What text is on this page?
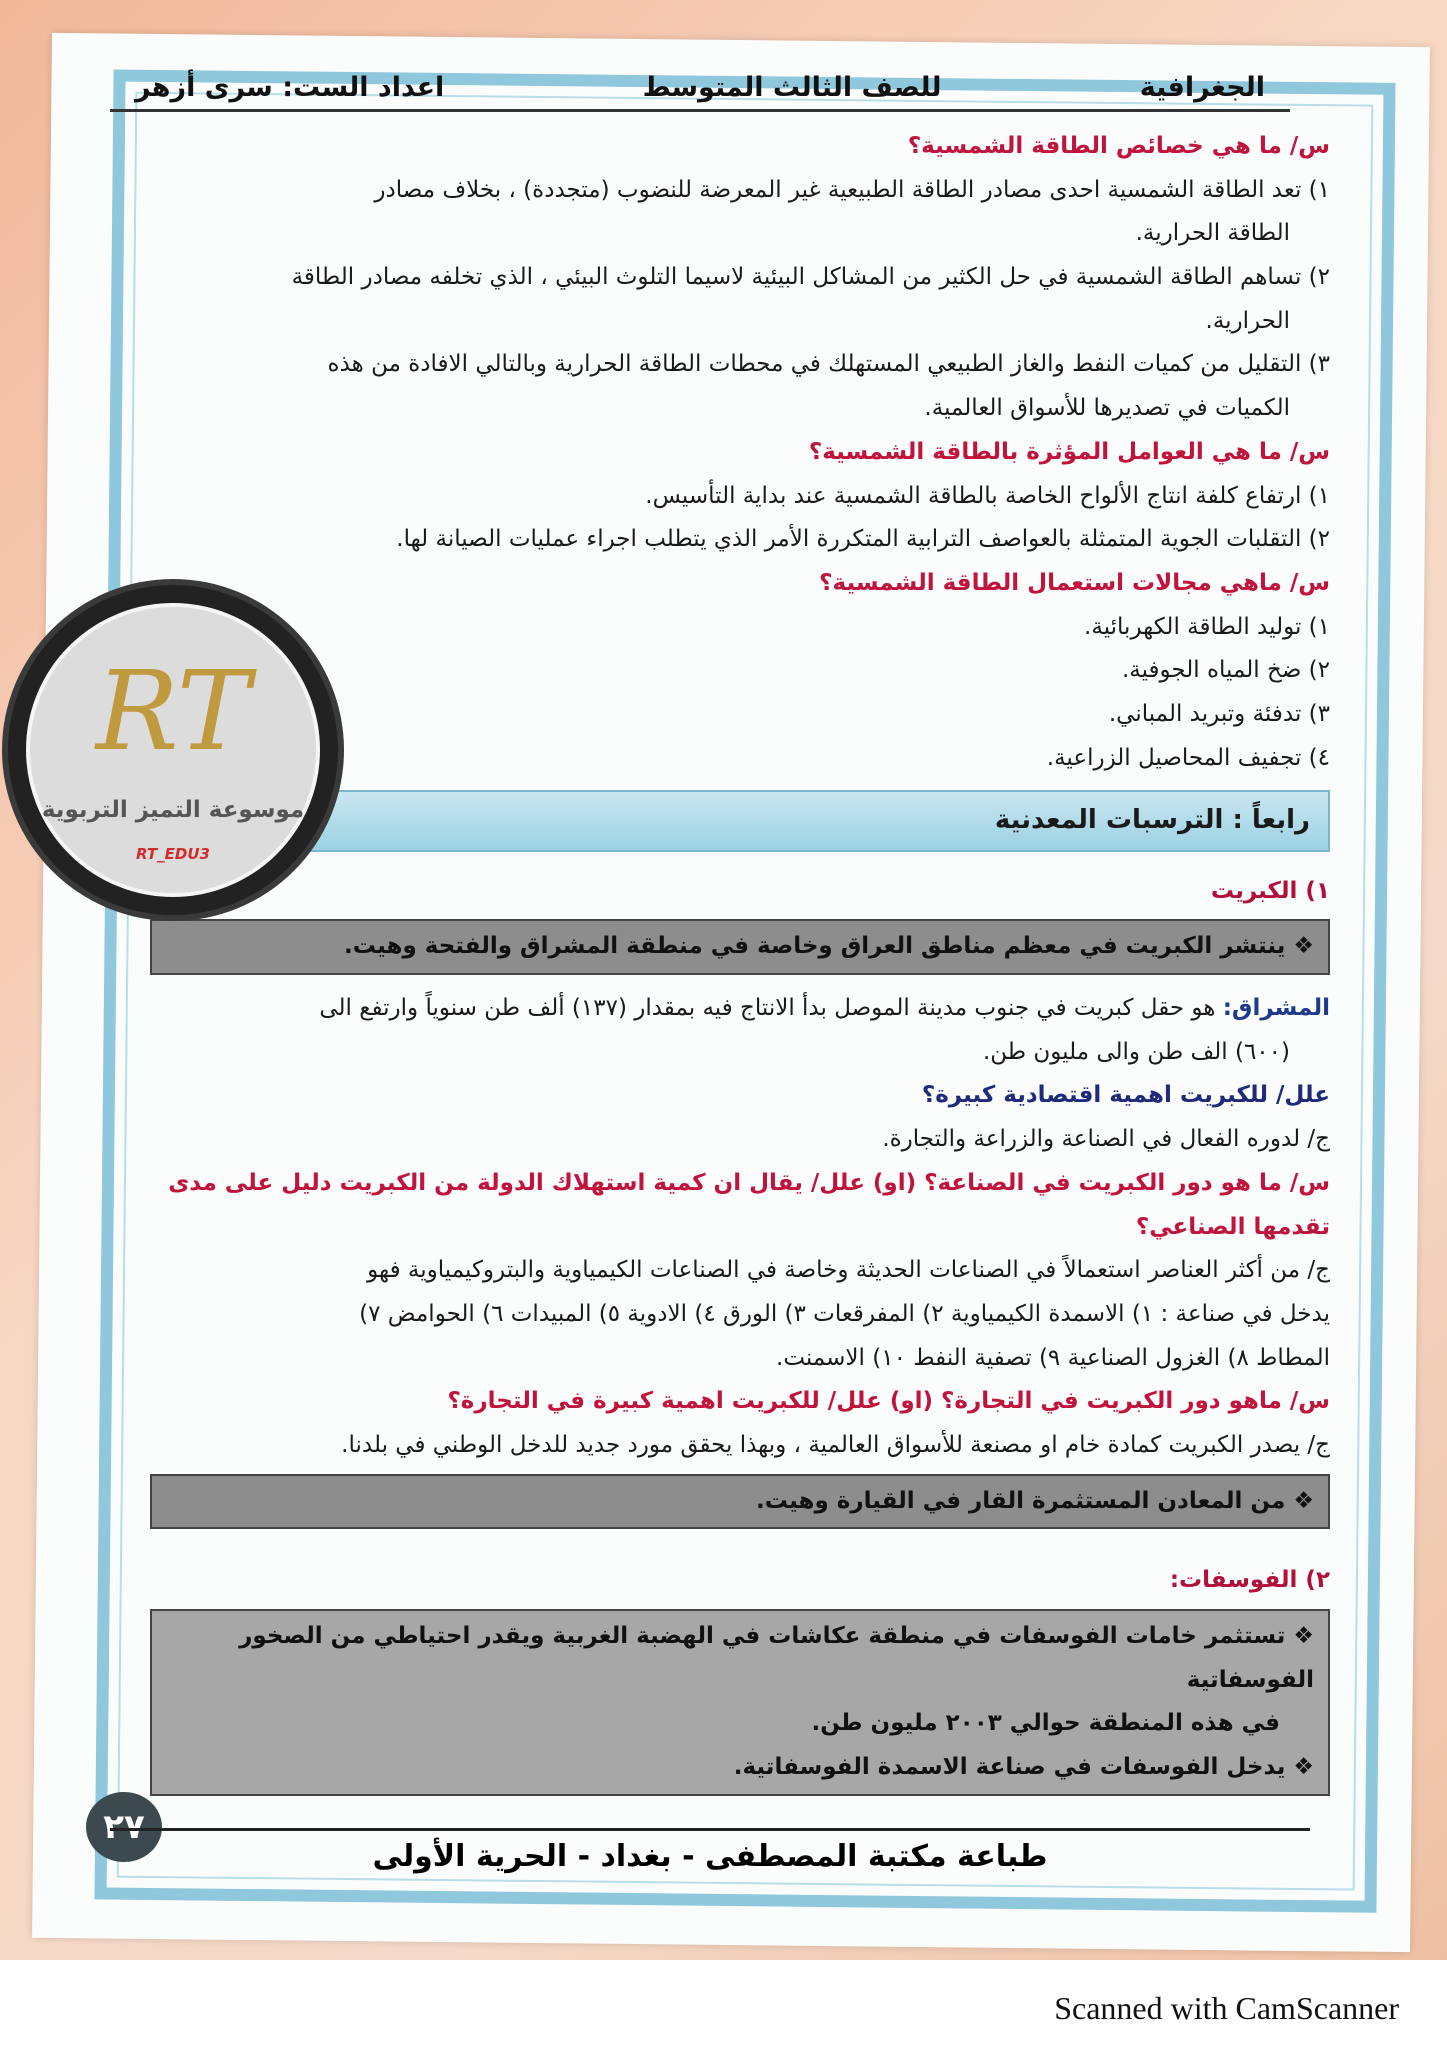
الجغرافية
للصف الثالث المتوسط
اعداد الست: سرى أزهر

س/ ما هي خصائص الطاقة الشمسية؟

١) تعد الطاقة الشمسية احدى مصادر الطاقة الطبيعية غير المعرضة للنضوب (متجددة) ، بخلاف مصادر

الطاقة الحرارية.

٢) تساهم الطاقة الشمسية في حل الكثير من المشاكل البيئية لاسيما التلوث البيئي ، الذي تخلفه مصادر الطاقة

الحرارية.

٣) التقليل من كميات النفط والغاز الطبيعي المستهلك في محطات الطاقة الحرارية وبالتالي الافادة من هذه

الكميات في تصديرها للأسواق العالمية.

س/ ما هي العوامل المؤثرة بالطاقة الشمسية؟

١) ارتفاع كلفة انتاج الألواح الخاصة بالطاقة الشمسية عند بداية التأسيس.

٢) التقلبات الجوية المتمثلة بالعواصف الترابية المتكررة الأمر الذي يتطلب اجراء عمليات الصيانة لها.

س/ ماهي مجالات استعمال الطاقة الشمسية؟

١) توليد الطاقة الكهربائية.

٢) ضخ المياه الجوفية.

٣) تدفئة وتبريد المباني.

٤) تجفيف المحاصيل الزراعية.

رابعاً : الترسبات المعدنية

١) الكبريت

❖ينتشر الكبريت في معظم مناطق العراق وخاصة في منطقة المشراق والفتحة وهيت.

المشراق: هو حقل كبريت في جنوب مدينة الموصل بدأ الانتاج فيه بمقدار (١٣٧) ألف طن سنوياً وارتفع الى

(٦٠٠) الف طن والى مليون طن.

علل/ للكبريت اهمية اقتصادية كبيرة؟

ج/ لدوره الفعال في الصناعة والزراعة والتجارة.

س/ ما هو دور الكبريت في الصناعة؟ (او) علل/ يقال ان كمية استهلاك الدولة من الكبريت دليل على مدى

تقدمها الصناعي؟

ج/ من أكثر العناصر استعمالاً في الصناعات الحديثة وخاصة في الصناعات الكيمياوية والبتروكيمياوية فهو

يدخل في صناعة : ١) الاسمدة الكيمياوية ٢) المفرقعات ٣) الورق ٤) الادوية ٥) المبيدات ٦) الحوامض ٧)

المطاط ٨) الغزول الصناعية ٩) تصفية النفط ١٠) الاسمنت.

س/ ماهو دور الكبريت في التجارة؟ (او) علل/ للكبريت اهمية كبيرة في التجارة؟

ج/ يصدر الكبريت كمادة خام او مصنعة للأسواق العالمية ، وبهذا يحقق مورد جديد للدخل الوطني في بلدنا.

❖من المعادن المستثمرة القار في القيارة وهيت.

٢) الفوسفات:

❖تستثمر خامات الفوسفات في منطقة عكاشات في الهضبة الغربية ويقدر احتياطي من الصخور الفوسفاتية
في هذه المنطقة حوالي ٢٠٠٣ مليون طن.
❖يدخل الفوسفات في صناعة الاسمدة الفوسفاتية.
RT
موسوعة التميز التربوية
RT_EDU3
٢٧
طباعة مكتبة المصطفى - بغداد - الحرية الأولى
Scanned with CamScanner
